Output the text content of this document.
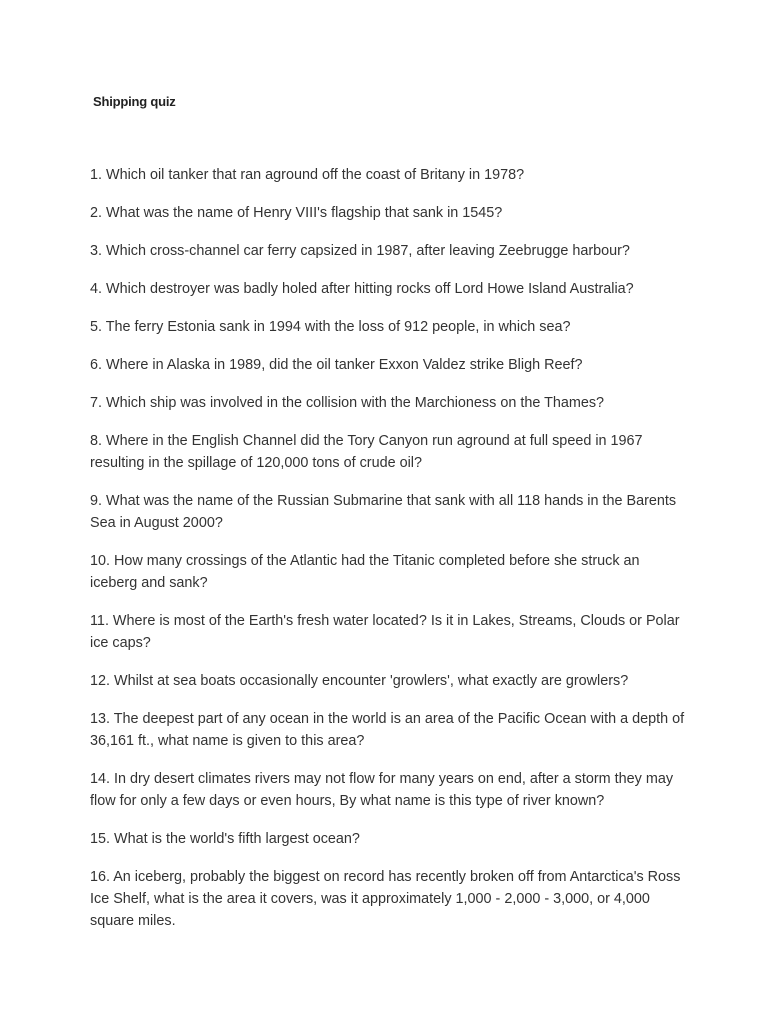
Shipping quiz
1. Which oil tanker that ran aground off the coast of Britany in 1978?
2. What was the name of Henry VIII's flagship that sank in 1545?
3. Which cross-channel car ferry capsized in 1987, after leaving Zeebrugge harbour?
4. Which destroyer was badly holed after hitting rocks off Lord Howe Island Australia?
5. The ferry Estonia sank in 1994 with the loss of 912 people, in which sea?
6. Where in Alaska in 1989, did the oil tanker Exxon Valdez strike Bligh Reef?
7. Which ship was involved in the collision with the Marchioness on the Thames?
8. Where in the English Channel did the Tory Canyon run aground at full speed in 1967 resulting in the spillage of 120,000 tons of crude oil?
9. What was the name of the Russian Submarine that sank with all 118 hands in the Barents Sea in August 2000?
10. How many crossings of the Atlantic had the Titanic completed before she struck an iceberg and sank?
11. Where is most of the Earth's fresh water located? Is it in Lakes, Streams, Clouds or Polar ice caps?
12. Whilst at sea boats occasionally encounter 'growlers', what exactly are growlers?
13. The deepest part of any ocean in the world is an area of the Pacific Ocean with a depth of 36,161 ft., what name is given to this area?
14. In dry desert climates rivers may not flow for many years on end, after a storm they may flow for only a few days or even hours, By what name is this type of river known?
15. What is the world's fifth largest ocean?
16. An iceberg, probably the biggest on record has recently broken off from Antarctica's Ross Ice Shelf, what is the area it covers, was it approximately 1,000 - 2,000 - 3,000, or 4,000 square miles.
